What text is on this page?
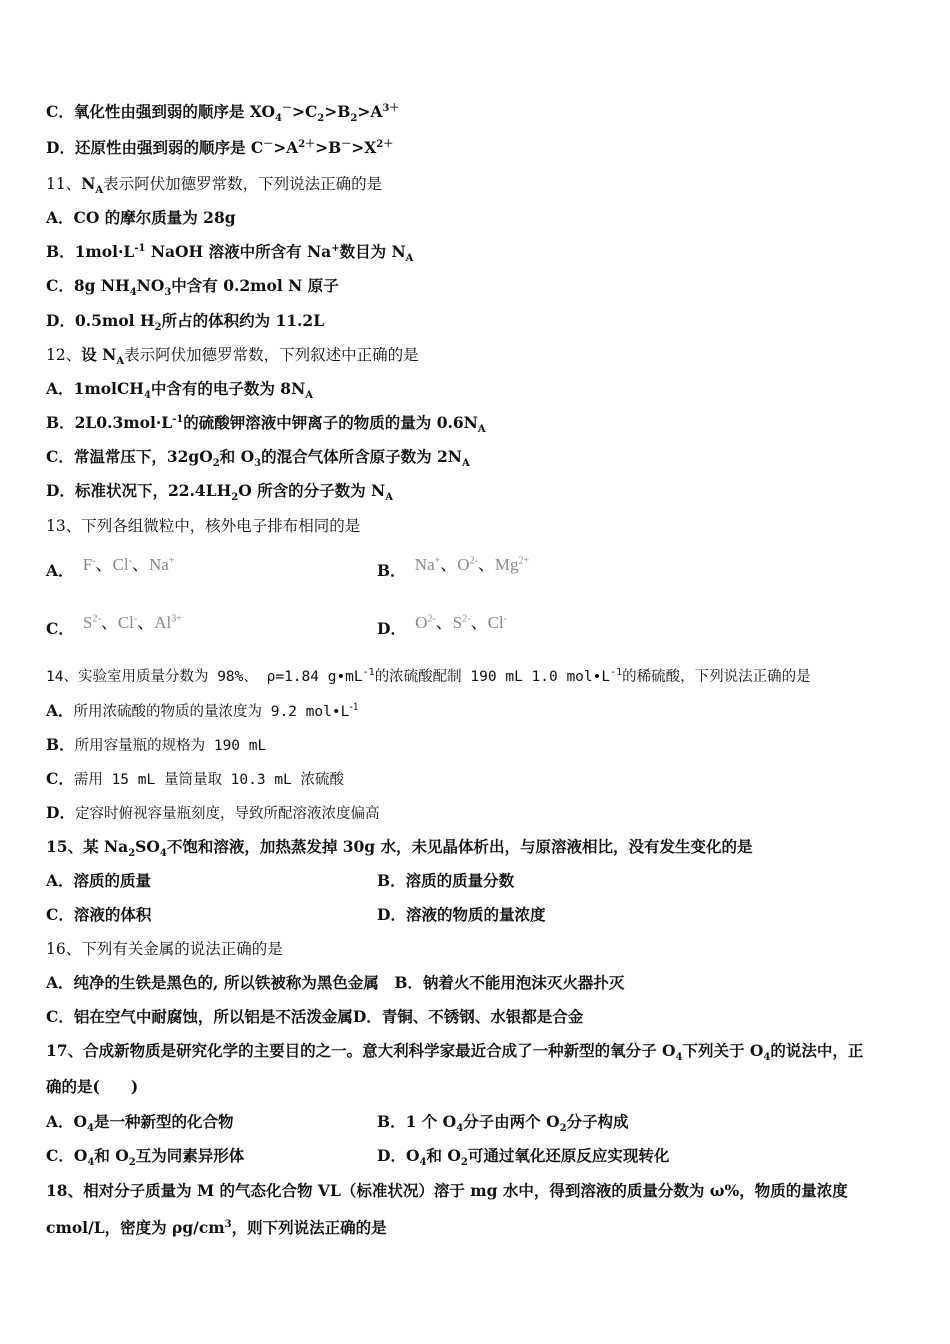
C．氧化性由强到弱的顺序是 $XO_4^->C_2>B_2>A^{3+}$
D．还原性由强到弱的顺序是 $C^->A^{2+}>B^->X^{2+}$
11、$N_A$表示阿伏加德罗常数，下列说法正确的是
A．CO 的摩尔质量为 28g
B．$1mol\cdot L^{-1}$ NaOH 溶液中所含有 Na+数目为 $N_A$
C．8g $NH_4NO_3$中含有 0.2mol N 原子
D．0.5mol $H_2$所占的体积约为 11.2L
12、设 $N_A$表示阿伏加德罗常数，下列叙述中正确的是
A．1molCH$_4$中含有的电子数为 $8N_A$
B．$2L0.3mol\cdot L^{-1}$的硫酸钾溶液中钾离子的物质的量为 $0.6N_A$
C．常温常压下，$32gO_2$和 $O_3$的混合气体所含原子数为 $2N_A$
D．标准状况下，$22.4LH_2O$ 所含的分子数为 $N_A$
13、下列各组微粒中，核外电子排布相同的是
A． F-、Cl-、Na+
B． Na+、$O^{2-}$、$Mg^{2+}$
C． $S^{2-}$、Cl-、$Al^{3+}$
D． $O^{2-}$、$S^{2-}$、Cl-
14、实验室用质量分数为 98%、 ρ=1.84 $g•mL^{-1}$的浓硫酸配制 190 mL 1.0 $mol•L^{-1}$的稀硫酸，下列说法正确的是
A．所用浓硫酸的物质的量浓度为 9.2 $mol•L^{-1}$
B．所用容量瓶的规格为 190 mL
C．需用 15 mL 量筒量取 10.3 mL 浓硫酸
D．定容时俯视容量瓶刻度，导致所配溶液浓度偏高
15、某 $Na_2SO_4$不饱和溶液，加热蒸发掉 30g 水，未见晶体析出，与原溶液相比，没有发生变化的是
A．溶质的质量	B．溶质的质量分数
C．溶液的体积	D．溶液的物质的量浓度
16、下列有关金属的说法正确的是
A．纯净的生铁是黑色的, 所以铁被称为黑色金属　B．钠着火不能用泡沫灭火器扑灭
C．铝在空气中耐腐蚀，所以铝是不活泼金属D．青铜、不锈钢、水银都是合金
17、合成新物质是研究化学的主要目的之一。意大利科学家最近合成了一种新型的氧分子 $O_4$下列关于 $O_4$的说法中，正
确的是(　　)
A．$O_4$是一种新型的化合物	B．1 个 $O_4$分子由两个 $O_2$分子构成
C．$O_4$和 $O_2$互为同素异形体	D．$O_4$和 $O_2$可通过氧化还原反应实现转化
18、相对分子质量为 M 的气态化合物 VL（标准状况）溶于 mg 水中，得到溶液的质量分数为 ω%，物质的量浓度
cmol/L，密度为 $\rho g/cm^3$，则下列说法正确的是
